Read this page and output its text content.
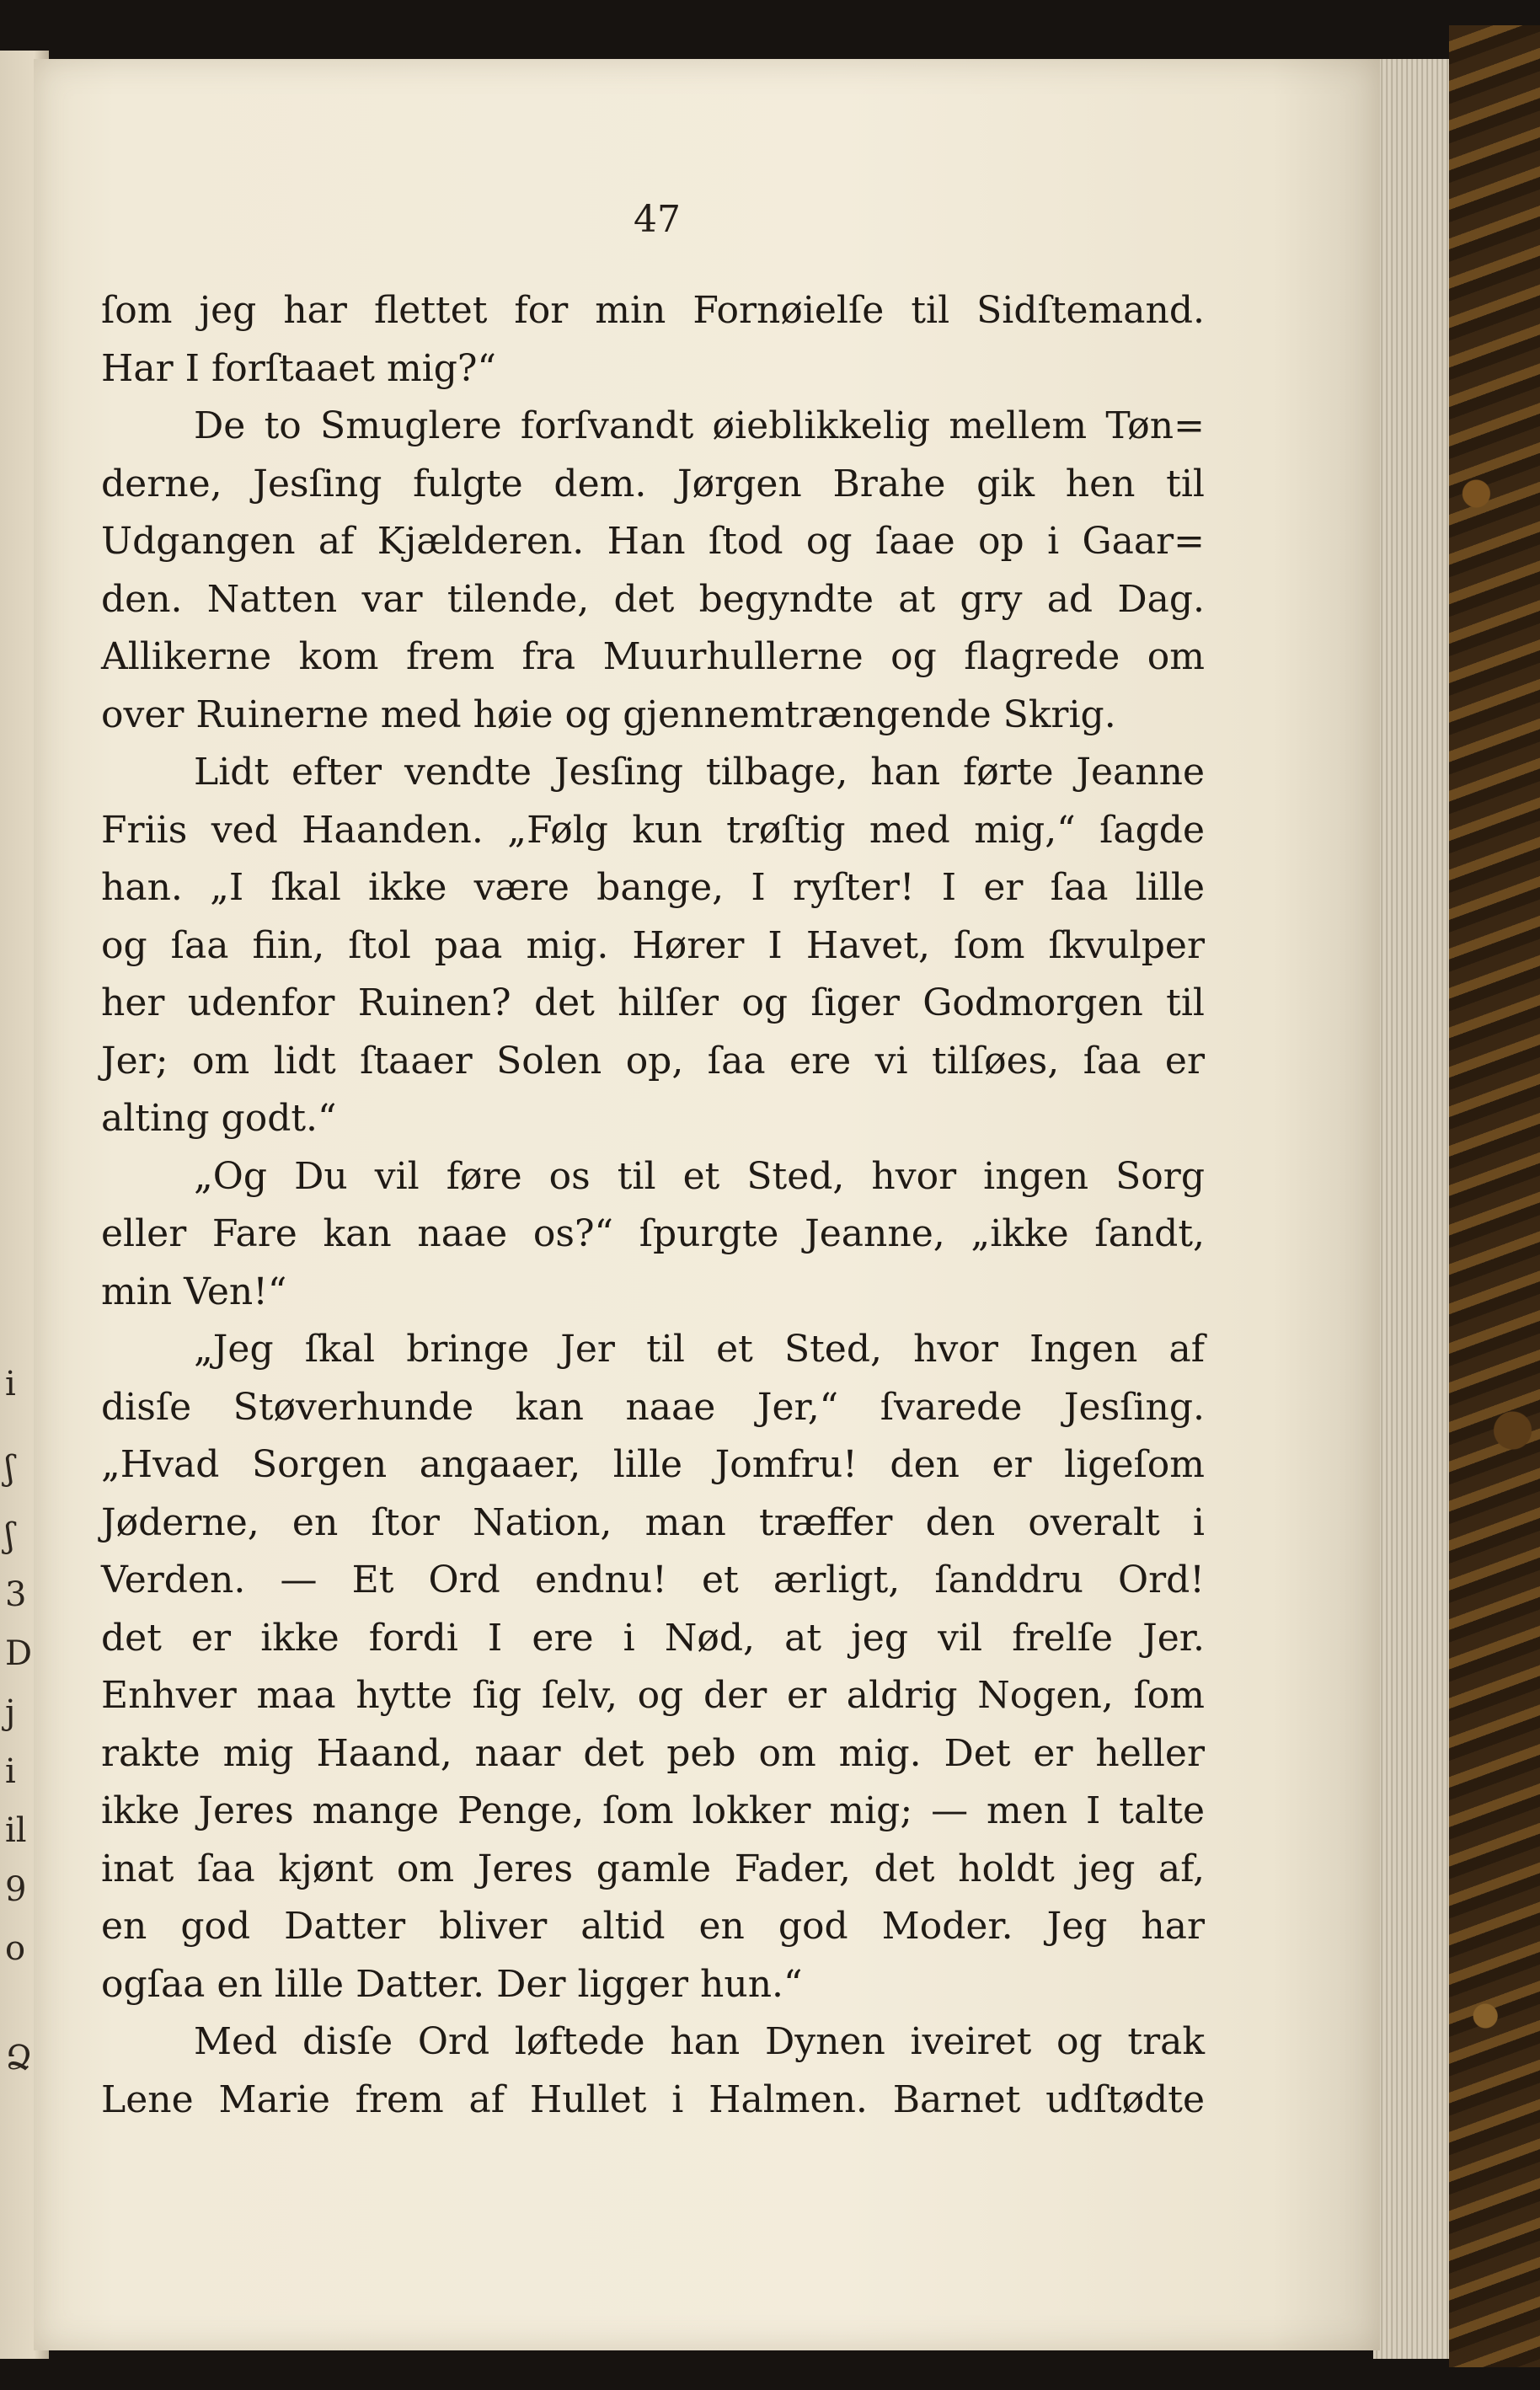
i
ʃ
ʃ
3
D
j
i
il
9
o
Ձ
47
ſom jeg har flettet for min Fornøielſe til Sidſtemand.
Har I forſtaaet mig?“
De to Smuglere forſvandt øieblikkelig mellem Tøn=
derne, Jesſing fulgte dem. Jørgen Brahe gik hen til
Udgangen af Kjælderen. Han ſtod og ſaae op i Gaar=
den. Natten var tilende, det begyndte at gry ad Dag.
Allikerne kom frem fra Muurhullerne og flagrede om
over Ruinerne med høie og gjennemtrængende Skrig.
Lidt efter vendte Jesſing tilbage, han førte Jeanne
Friis ved Haanden. „Følg kun trøſtig med mig,“ ſagde
han. „I ſkal ikke være bange, I ryſter! I er ſaa lille
og ſaa fiin, ſtol paa mig. Hører I Havet, ſom ſkvulper
her udenfor Ruinen? det hilſer og ſiger Godmorgen til
Jer; om lidt ſtaaer Solen op, ſaa ere vi tilſøes, ſaa er
alting godt.“
„Og Du vil føre os til et Sted, hvor ingen Sorg
eller Fare kan naae os?“ ſpurgte Jeanne, „ikke ſandt,
min Ven!“
„Jeg ſkal bringe Jer til et Sted, hvor Ingen af
disſe Støverhunde kan naae Jer,“ ſvarede Jesſing.
„Hvad Sorgen angaaer, lille Jomfru! den er ligeſom
Jøderne, en ſtor Nation, man træffer den overalt i
Verden. — Et Ord endnu! et ærligt, ſanddru Ord!
det er ikke fordi I ere i Nød, at jeg vil frelſe Jer.
Enhver maa hytte ſig ſelv, og der er aldrig Nogen, ſom
rakte mig Haand, naar det peb om mig. Det er heller
ikke Jeres mange Penge, ſom lokker mig; — men I talte
inat ſaa kjønt om Jeres gamle Fader, det holdt jeg af,
en god Datter bliver altid en god Moder. Jeg har
ogſaa en lille Datter. Der ligger hun.“
Med disſe Ord løftede han Dynen iveiret og trak
Lene Marie frem af Hullet i Halmen. Barnet udſtødte
